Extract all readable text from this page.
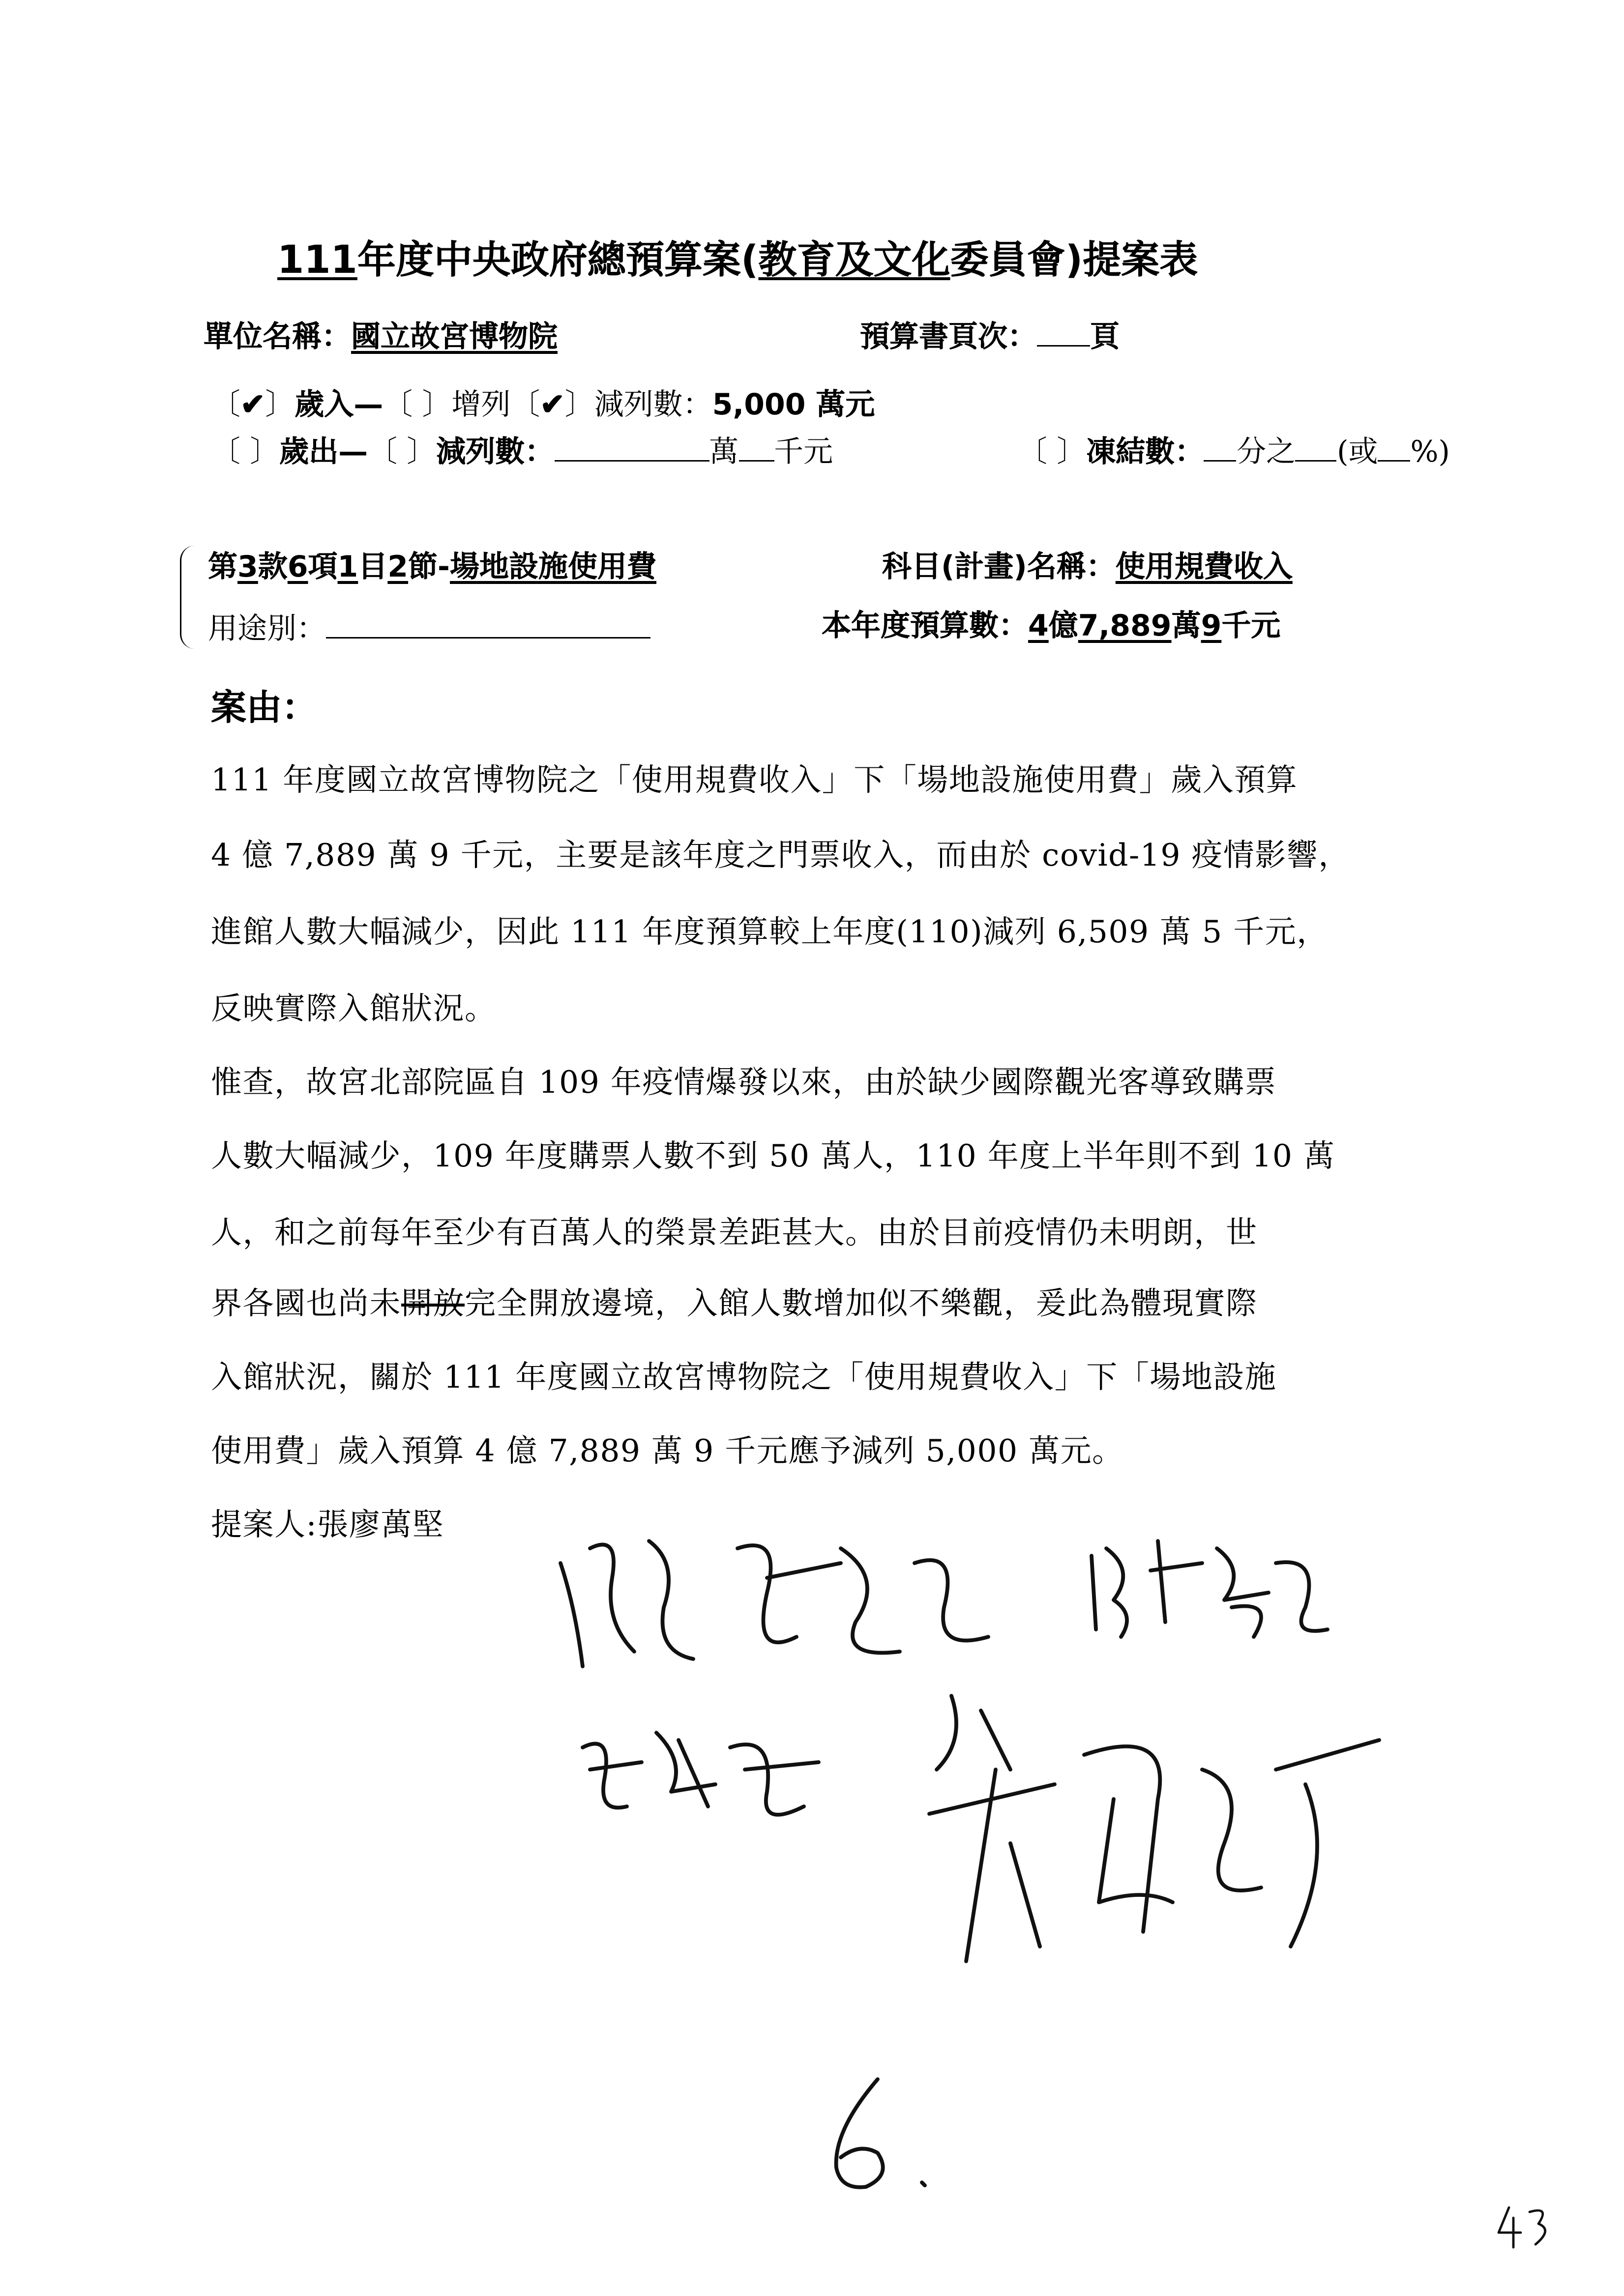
111年度中央政府總預算案(教育及文化委員會)提案表
單位名稱：國立故宮博物院	預算書頁次：	頁
〔✔〕歲入—〔 〕增列〔✔〕減列數：5,000 萬元
〔 〕歲出—〔 〕減列數：	萬	千元	〔 〕凍結數：	分之	(或	%)
第3款6項1目2節-場地設施使用費	科目(計畫)名稱：使用規費收入
用途別：	本年度預算數：4億7,889萬9千元
案由：
111 年度國立故宮博物院之「使用規費收入」下「場地設施使用費」歲入預算
4 億 7,889 萬 9 千元，主要是該年度之門票收入，而由於 covid-19 疫情影響，
進館人數大幅減少，因此 111 年度預算較上年度(110)減列 6,509 萬 5 千元，
反映實際入館狀況。
惟查，故宮北部院區自 109 年疫情爆發以來，由於缺少國際觀光客導致購票
人數大幅減少，109 年度購票人數不到 50 萬人，110 年度上半年則不到 10 萬
人，和之前每年至少有百萬人的榮景差距甚大。由於目前疫情仍未明朗，世
界各國也尚未開放完全開放邊境，入館人數增加似不樂觀，爰此為體現實際
入館狀況，關於 111 年度國立故宮博物院之「使用規費收入」下「場地設施
使用費」歲入預算 4 億 7,889 萬 9 千元應予減列 5,000 萬元。
提案人:張廖萬堅
